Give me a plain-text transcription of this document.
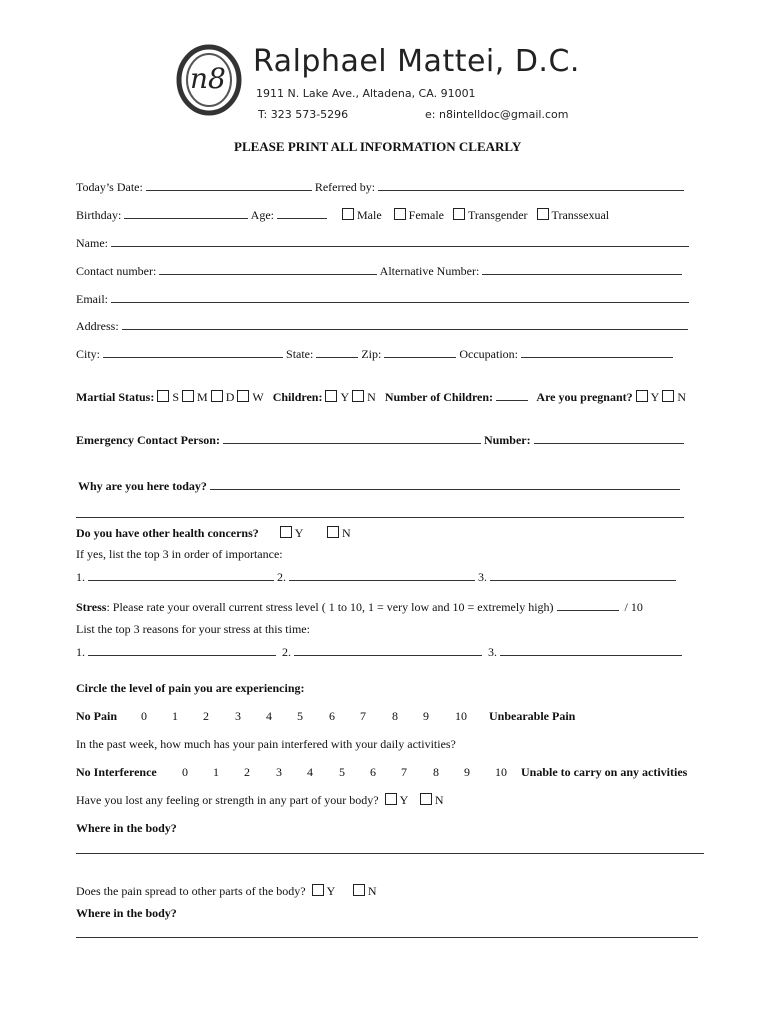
n8 Ralphael Mattei, D.C.
1911 N. Lake Ave., Altadena, CA. 91001
T: 323 573-5296	e: n8intelldoc@gmail.com
PLEASE PRINT ALL INFORMATION CLEARLY
Today’s Date:	Referred by:
Birthday:	Age:	Male Female Transgender Transsexual
Name:
Contact number:	Alternative Number:
Email:
Address:
City:	State:	Zip:	Occupation:
Martial Status: S M D W Children: Y N Number of Children:	Are you pregnant? Y N
Emergency Contact Person:	Number:
Why are you here today?
Do you have other health concerns?	Y	N
If yes, list the top 3 in order of importance:
1.	2.	3.
Stress: Please rate your overall current stress level ( 1 to 10, 1 = very low and 10 = extremely high)	/ 10
List the top 3 reasons for your stress at this time:
1.	2.	3.
Circle the level of pain you are experiencing:
No Pain 0 1 2 3 4 5 6 7 8 9 10 Unbearable Pain
In the past week, how much has your pain interfered with your daily activities?
No Interference 0 1 2 3 4 5 6 7 8 9 10 Unable to carry on any activities
Have you lost any feeling or strength in any part of your body? Y N
Where in the body?
Does the pain spread to other parts of the body? Y	N
Where in the body?
